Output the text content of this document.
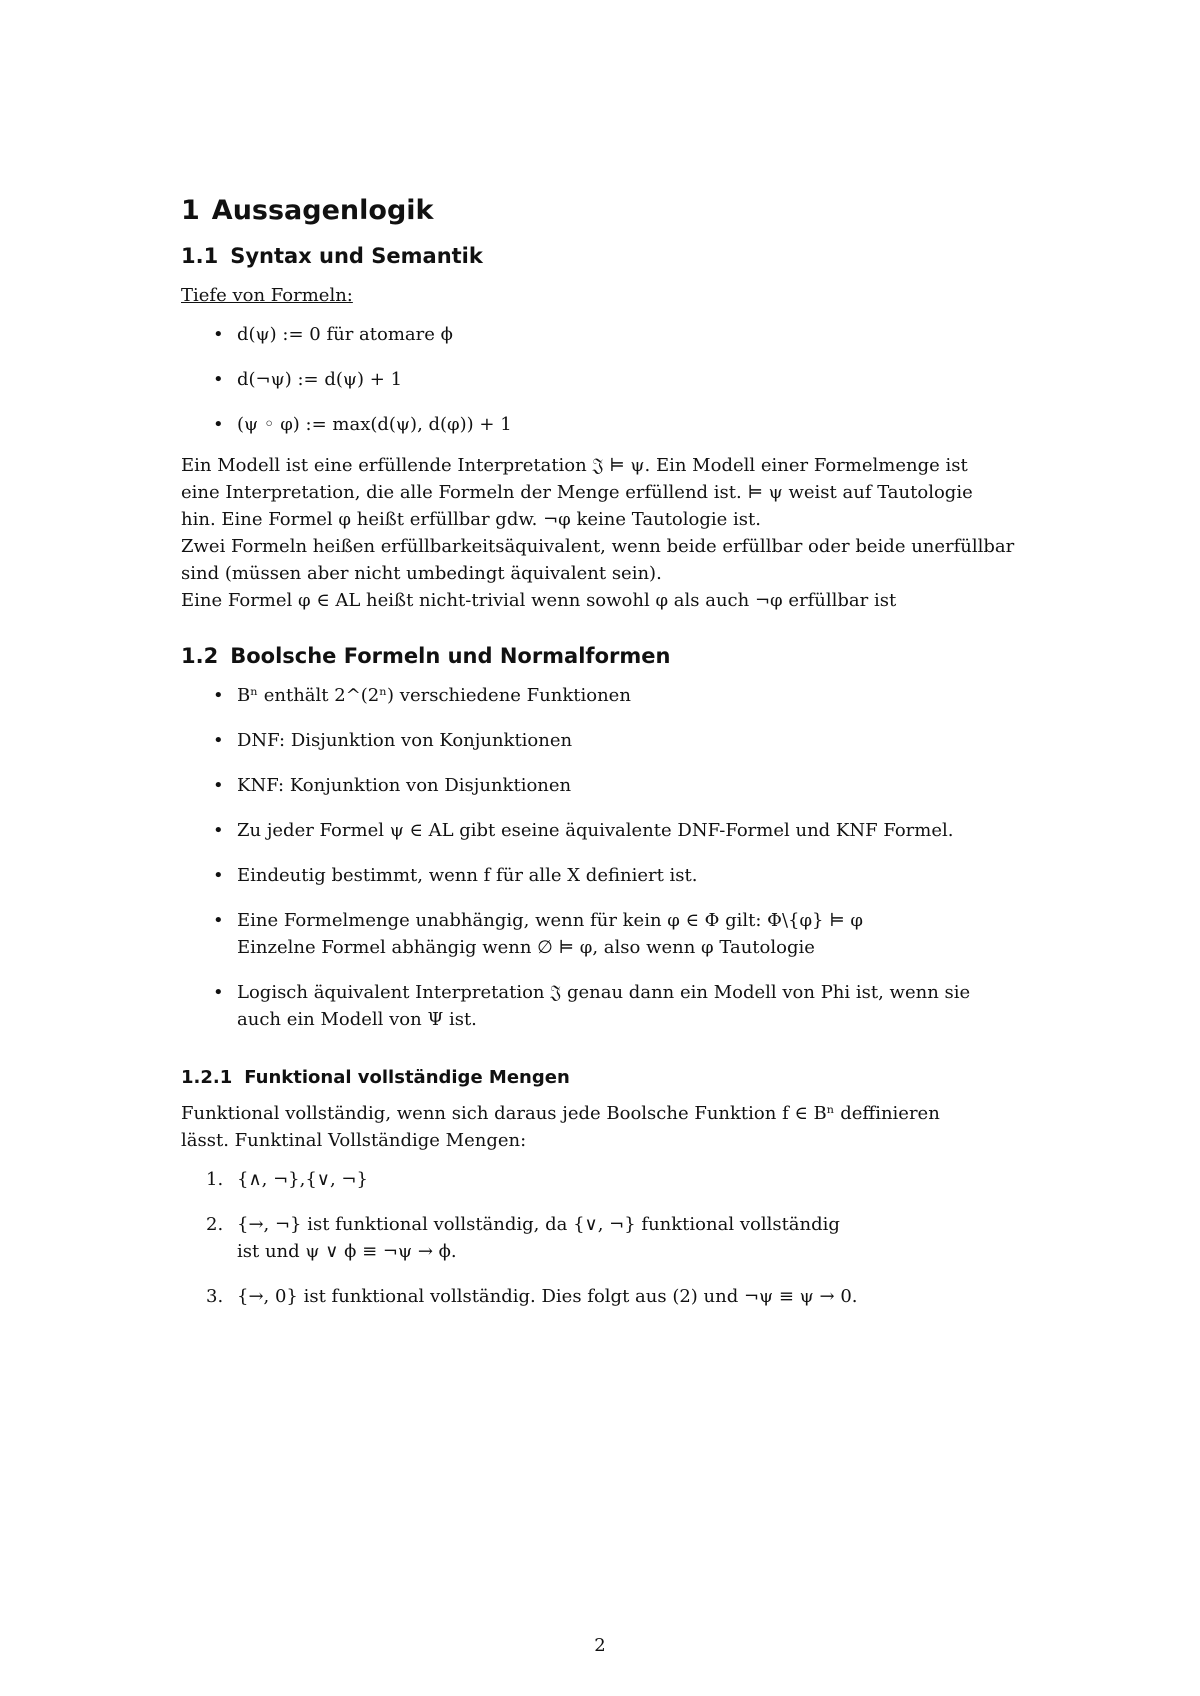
1 Aussagenlogik
1.1 Syntax und Semantik

Tiefe von Formeln:

• d(ψ) := 0 für atomare ϕ
• d(¬ψ) := d(ψ) + 1
• (ψ ◦ φ) := max(d(ψ), d(φ)) + 1

Ein Modell ist eine erfüllende Interpretation 𝔍 ⊨ ψ. Ein Modell einer Formelmenge ist
eine Interpretation, die alle Formeln der Menge erfüllend ist. ⊨ ψ weist auf Tautologie
hin. Eine Formel φ heißt erfüllbar gdw. ¬φ keine Tautologie ist.
Zwei Formeln heißen erfüllbarkeitsäquivalent, wenn beide erfüllbar oder beide unerfüllbar
sind (müssen aber nicht umbedingt äquivalent sein).
Eine Formel φ ∈ AL heißt nicht-trivial wenn sowohl φ als auch ¬φ erfüllbar ist

1.2 Boolsche Formeln und Normalformen
• Bⁿ enthält 2^(2ⁿ) verschiedene Funktionen
• DNF: Disjunktion von Konjunktionen
• KNF: Konjunktion von Disjunktionen
• Zu jeder Formel ψ ∈ AL gibt eseine äquivalente DNF-Formel und KNF Formel.
• Eindeutig bestimmt, wenn f für alle X definiert ist.
• Eine Formelmenge unabhängig, wenn für kein φ ∈ Φ gilt: Φ\{φ} ⊨ φ
Einzelne Formel abhängig wenn ∅ ⊨ φ, also wenn φ Tautologie
• Logisch äquivalent Interpretation 𝔍 genau dann ein Modell von Phi ist, wenn sie
auch ein Modell von Ψ ist.
1.2.1 Funktional vollständige Mengen

Funktional vollständig, wenn sich daraus jede Boolsche Funktion f ∈ Bⁿ deffinieren
lässt. Funktinal Vollständige Mengen:

1. {∧, ¬},{∨, ¬}
2. {→, ¬} ist funktional vollständig, da {∨, ¬} funktional vollständig
ist und ψ ∨ ϕ ≡ ¬ψ → ϕ.
3. {→, 0} ist funktional vollständig. Dies folgt aus (2) und ¬ψ ≡ ψ → 0.
2
